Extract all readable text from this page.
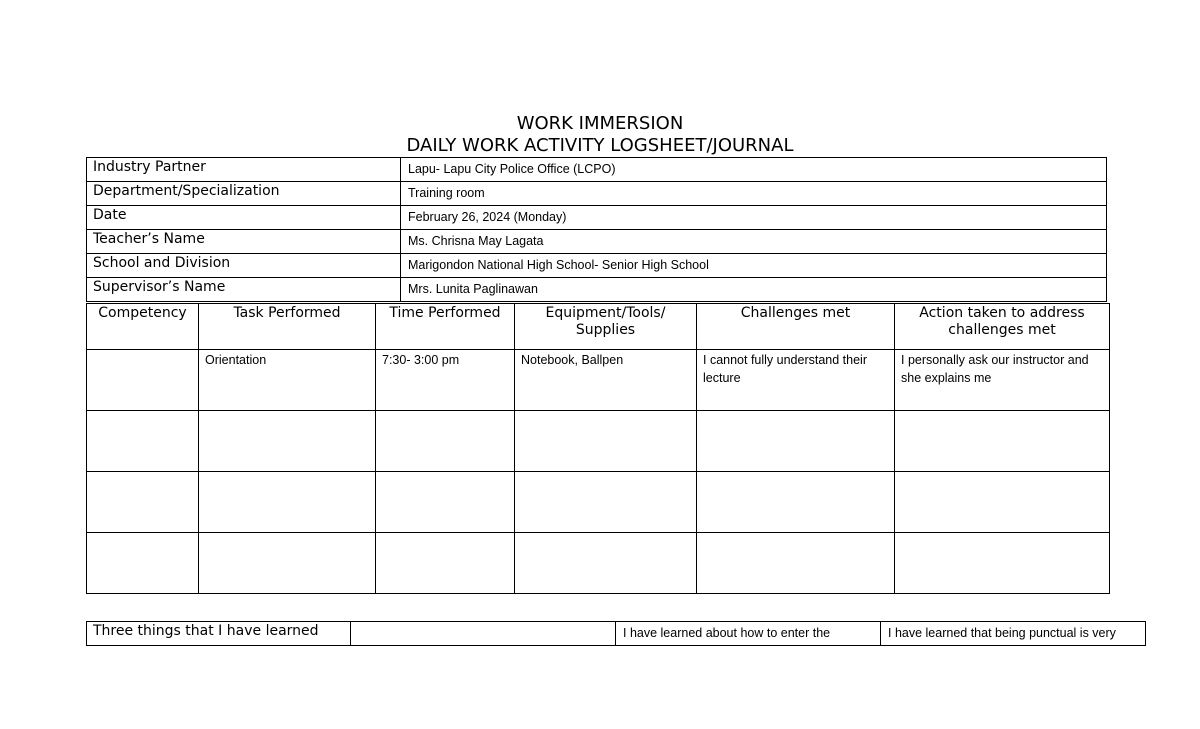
WORK IMMERSION
DAILY WORK ACTIVITY LOGSHEET/JOURNAL
Industry Partner	Lapu- Lapu City Police Office (LCPO)
Department/Specialization	Training room
Date	February 26, 2024 (Monday)
Teacher’s Name	Ms. Chrisna May Lagata
School and Division	Marigondon National High School- Senior High School
Supervisor’s Name	Mrs. Lunita Paglinawan
Competency	Task Performed	Time Performed	Equipment/Tools/ Supplies	Challenges met	Action taken to address challenges met
	Orientation	7:30- 3:00 pm	Notebook, Ballpen	I cannot fully understand their lecture	I personally ask our instructor and she explains me

Three things that I have learned		I have learned about how to enter the	I have learned that being punctual is very
